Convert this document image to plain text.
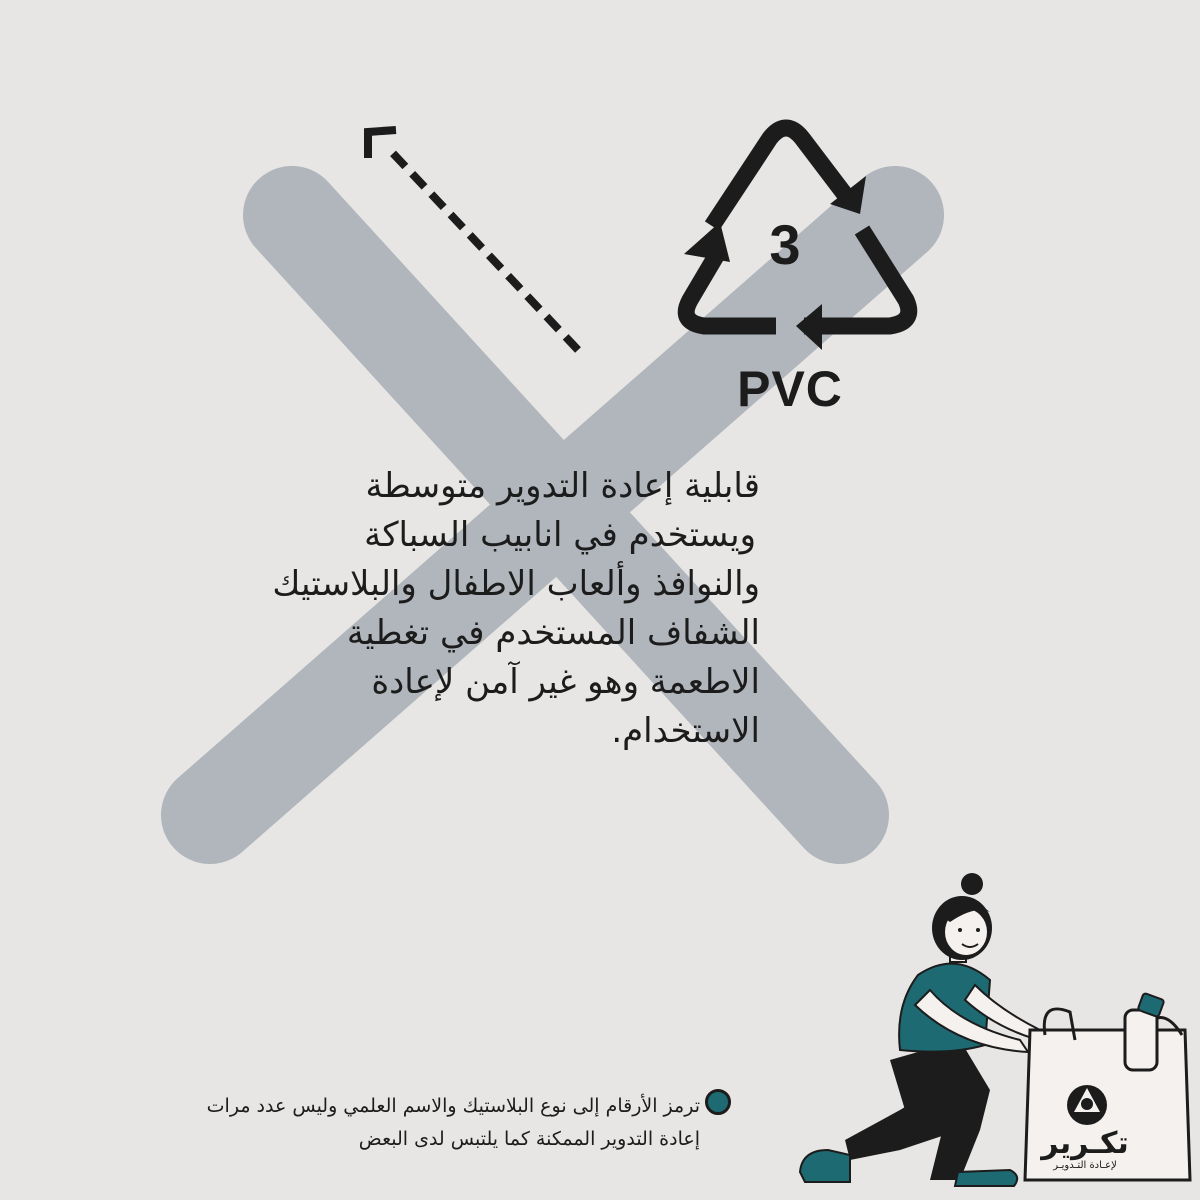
3
PVC
قابلية إعادة التدوير متوسطة
ويستخدم في انابيب السباكة
والنوافذ وألعاب الاطفال والبلاستيك
الشفاف المستخدم في تغطية
الاطعمة وهو غير آمن لإعادة
الاستخدام.
ترمز الأرقام إلى نوع البلاستيك والاسم العلمي وليس عدد مرات
إعادة التدوير الممكنة كما يلتبس لدى البعض	تكـرير
لإعـادة التـدويـر
